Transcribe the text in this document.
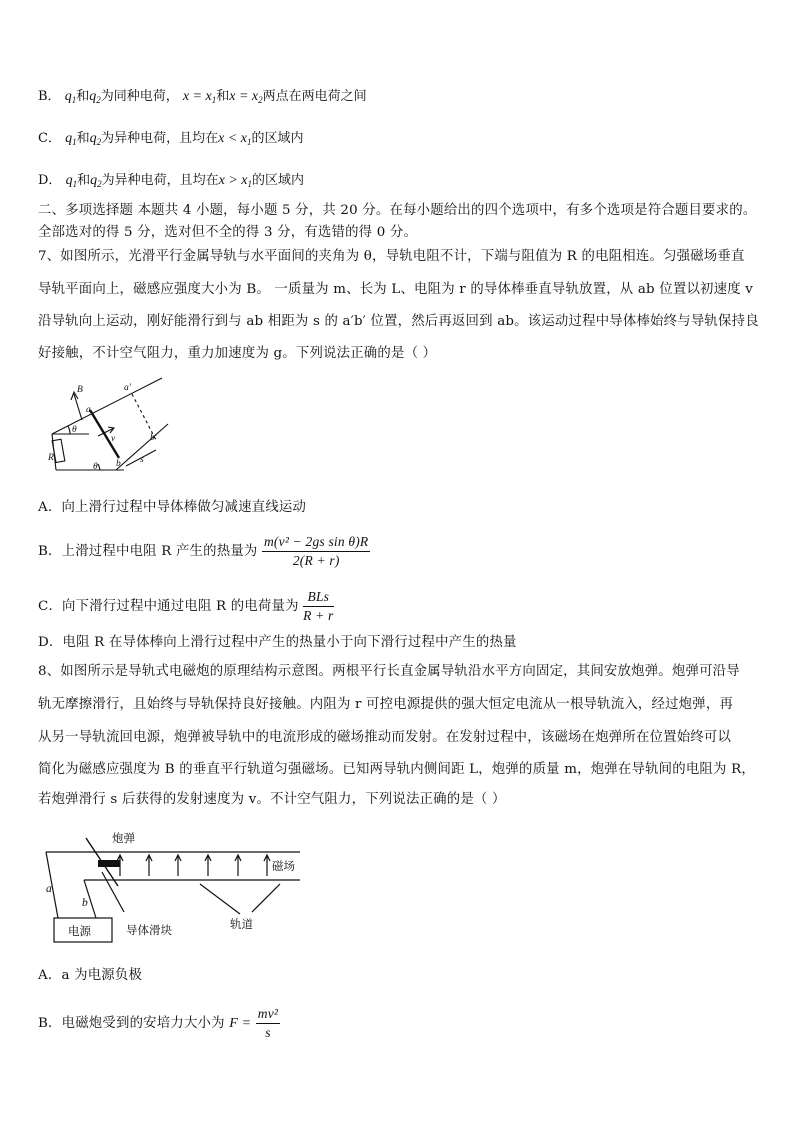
B． $q_1$和$q_2$为同种电荷， $x = x_1$和$x = x_2$两点在两电荷之间
C． $q_1$和$q_2$为异种电荷，且均在$x < x_1$的区域内
D． $q_1$和$q_2$为异种电荷，且均在$x > x_1$的区域内
二、多项选择题 本题共 4 小题，每小题 5 分，共 20 分。在每小题给出的四个选项中，有多个选项是符合题目要求的。
全部选对的得 5 分，选对但不全的得 3 分，有选错的得 0 分。
7、如图所示，光滑平行金属导轨与水平面间的夹角为 θ，导轨电阻不计，下端与阻值为 R 的电阻相连。匀强磁场垂直
导轨平面向上，磁感应强度大小为 B。 一质量为 m、长为 L、电阻为 r 的导体棒垂直导轨放置，从 ab 位置以初速度 v
沿导轨向上运动，刚好能滑行到与 ab 相距为 s 的 a′b′ 位置，然后再返回到 ab。该运动过程中导体棒始终与导轨保持良
好接触，不计空气阻力，重力加速度为 g。下列说法正确的是（ ）
B
a
a′
θ
v	b′
R
θ b s
A．向上滑行过程中导体棒做匀减速直线运动
B．上滑过程中电阻 R 产生的热量为 $\frac{\text{m(v² − 2gs sin θ)R}}{2(R + r)}$
C．向下滑行过程中通过电阻 R 的电荷量为 $\frac{\text{BLs}}{R + r}$
D．电阻 R 在导体棒向上滑行过程中产生的热量小于向下滑行过程中产生的热量
8、如图所示是导轨式电磁炮的原理结构示意图。两根平行长直金属导轨沿水平方向固定，其间安放炮弹。炮弹可沿导
轨无摩擦滑行，且始终与导轨保持良好接触。内阻为 r 可控电源提供的强大恒定电流从一根导轨流入，经过炮弹，再
从另一导轨流回电源，炮弹被导轨中的电流形成的磁场推动而发射。在发射过程中，该磁场在炮弹所在位置始终可以
简化为磁感应强度为 B 的垂直平行轨道匀强磁场。已知两导轨内侧间距 L，炮弹的质量 m，炮弹在导轨间的电阻为 R，
若炮弹滑行 s 后获得的发射速度为 v。不计空气阻力，下列说法正确的是（ ）
炮弹
磁场
a
b
电源	导体滑块	轨道
A．a 为电源负极
B．电磁炮受到的安培力大小为 $F = \frac{\text{mv²}}{s}$
